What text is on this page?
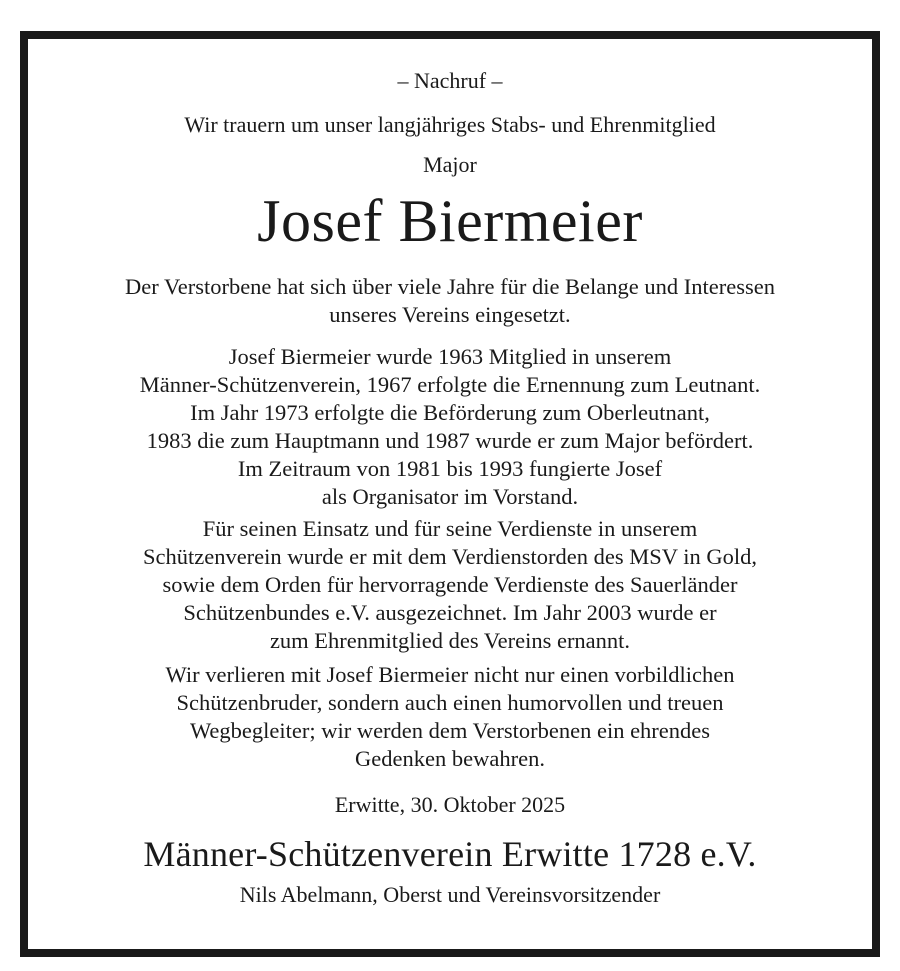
– Nachruf –
Wir trauern um unser langjähriges Stabs- und Ehrenmitglied
Major
Josef Biermeier
Der Verstorbene hat sich über viele Jahre für die Belange und Interessen
unseres Vereins eingesetzt.
Josef Biermeier wurde 1963 Mitglied in unserem
Männer-Schützenverein, 1967 erfolgte die Ernennung zum Leutnant.
Im Jahr 1973 erfolgte die Beförderung zum Oberleutnant,
1983 die zum Hauptmann und 1987 wurde er zum Major befördert.
Im Zeitraum von 1981 bis 1993 fungierte Josef
als Organisator im Vorstand.
Für seinen Einsatz und für seine Verdienste in unserem
Schützenverein wurde er mit dem Verdienstorden des MSV in Gold,
sowie dem Orden für hervorragende Verdienste des Sauerländer
Schützenbundes e.V. ausgezeichnet. Im Jahr 2003 wurde er
zum Ehrenmitglied des Vereins ernannt.
Wir verlieren mit Josef Biermeier nicht nur einen vorbildlichen
Schützenbruder, sondern auch einen humorvollen und treuen
Wegbegleiter; wir werden dem Verstorbenen ein ehrendes
Gedenken bewahren.
Erwitte, 30. Oktober 2025
Männer-Schützenverein Erwitte 1728 e.V.
Nils Abelmann, Oberst und Vereinsvorsitzender
